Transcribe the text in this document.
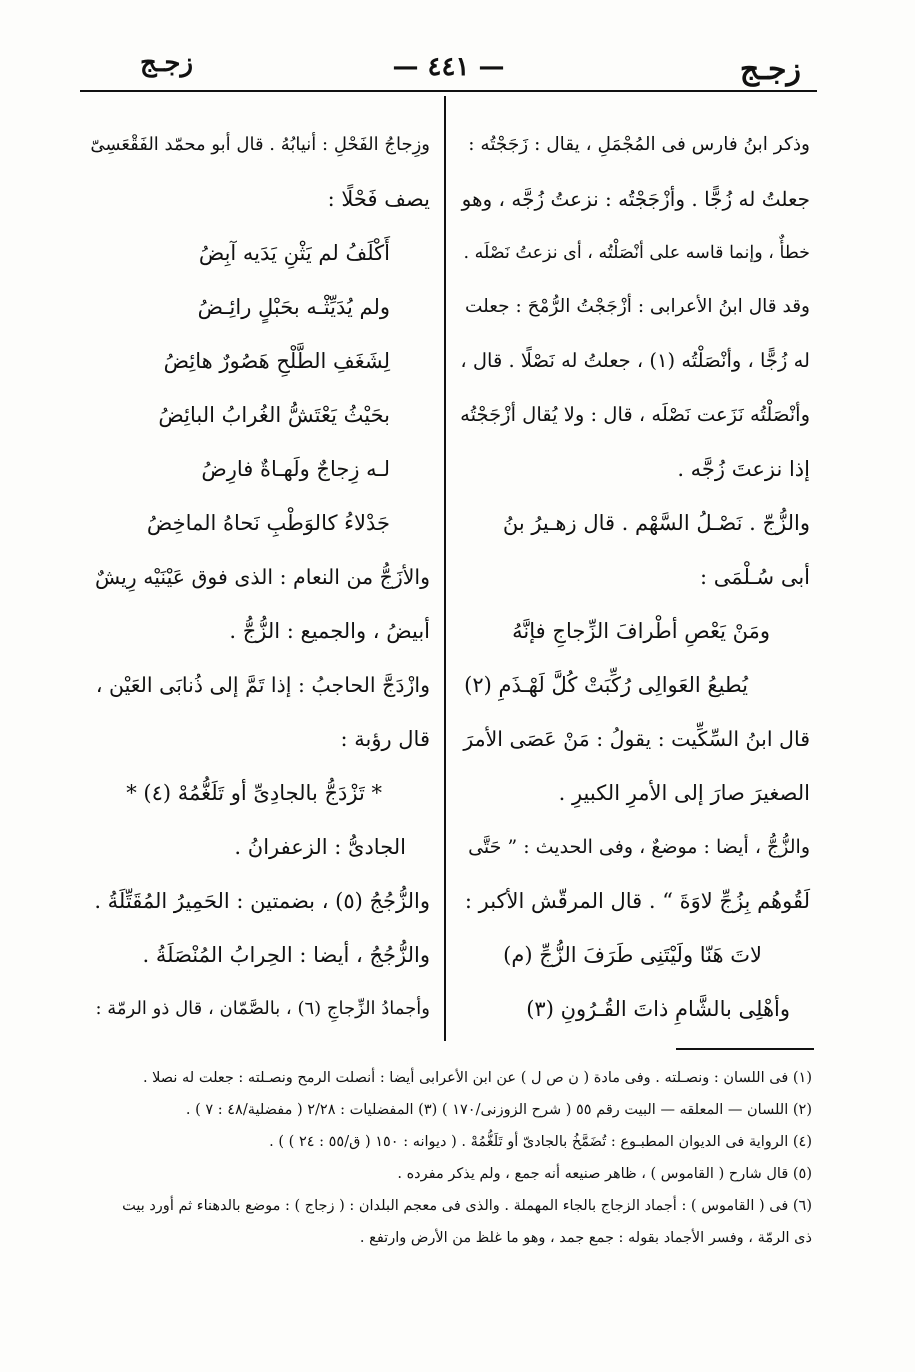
زجـج
— ٤٤١ —
زجـج

وذكر ابنُ فارس فى المُجْمَلِ ، يقال : زَجَجْتُه :

جعلتُ له زُجًّا . وأزْجَجْتُه : نزعتُ زُجَّه ، وهو

خطأٌ ، وإنما قاسه على أنْصَلْتُه ، أى نزعتُ نَصْلَه .

وقد قال ابنُ الأعرابى : أزْجَجْتُ الرُّمْحَ : جعلت

له زُجًّا ، وأنْصَلْتُه (١) ، جعلتُ له نَصْلًا . قال ،

وأنْصَلْتُه نَزَعت نَصْلَه ، قال : ولا يُقال أزْجَجْتُه

إذا نزعتَ زُجَّه .

والزُّجّ . نَصْـلُ السَّهْم . قال زهـيرُ بنُ

أبى سُـلْمَى :

ومَنْ يَعْصِ أطْرافَ الزِّجاجِ فإنَّهُ

يُطيعُ العَوالِى رُكِّبَتْ كُلَّ لَهْـذَمِ (٢)

قال ابنُ السِّكِّيت : يقولُ : مَنْ عَصَى الأمرَ

الصغيرَ صارَ إلى الأمرِ الكبيرِ .

والزُّجُّ ، أيضا : موضعٌ ، وفى الحديث : ” حَتَّى

لَقُوهُم بِزُجِّ لاوَةَ “ . قال المرقّش الأكبر :

لاتَ هَنّا ولَيْتَنِى طَرَفَ الزُّجِّ (م)

وأهْلِى بالشَّامِ ذاتَ القُـرُونِ (٣)

وزِجاجُ الفَحْلِ : أنيابُهُ . قال أبو محمّد الفَقْعَسِىّ

يصف فَحْلًا :

أَكْلَفُ لم يَثْنِ يَدَيه آبِضُ

ولم يُدَيِّثْـه بحَبْلٍ رائِـضُ

لِشَغَفِ الطَّلْحِ هَصُورٌ هائِضُ

بحَيْثُ يَعْتَشُّ الغُرابُ البائِضُ

لـه زِجاجٌ ولَهـاةٌ فارِضُ

جَدْلاءُ كالوَطْبِ نَحاهُ الماخِضُ

والأزَجُّ من النعام : الذى فوق عَيْنَيْه رِيشٌ

أبيضُ ، والجميع : الزُّجُّ .

وازْدَجَّ الحاجبُ : إذا تَمَّ إلى ذُنابَى العَيْن ،

قال رؤبة :

* تَزْدَجُّ بالجادِىِّ أو تَلَغُّمُهْ (٤) *

الجادىُّ : الزعفرانُ .

والزُّجُجُ (٥) ، بضمتين : الحَمِيرُ المُقَتِّلَةُ .

والزُّجُجُ ، أيضا : الحِرابُ المُنْصَلَةُ .

وأجمادُ الزِّجاجِ (٦) ، بالصَّمّان ، قال ذو الرمّة :

(١) فى اللسان : ونصـلته . وفى مادة ( ن ص ل ) عن ابن الأعرابى أيضا : أنصلت الرمح ونصـلته : جعلت له نصلا .

(٢) اللسان — المعلقه — البيت رقم ٥٥ ( شرح الزوزنى/١٧٠ ) (٣) المفضليات : ٢/٢٨ ( مفضلية/٤٨ : ٧ ) .

(٤) الرواية فى الديوان المطبـوع : تُضَمَّخُ بالجادىّ أو تَلَغُّمُهْ . ( ديوانه : ١٥٠ ( ق/٥٥ : ٢٤ ) ) .

(٥) قال شارح ( القاموس ) ، ظاهر صنيعه أنه جمع ، ولم يذكر مفرده .

(٦) فى ( القاموس ) : أجماد الزجاج بالجاء المهملة . والذى فى معجم البلدان : ( زجاج ) : موضع بالدهناء ثم أورد بيت

ذى الرمّة ، وفسر الأجماد بقوله : جمع جمد ، وهو ما غلظ من الأرض وارتفع .
